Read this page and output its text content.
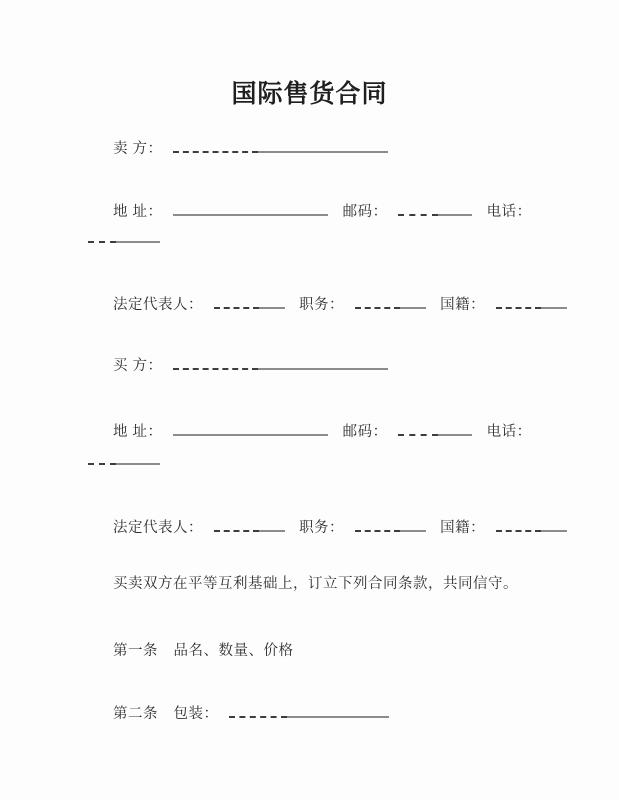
国际售货合同
卖 方：
地 址：	邮码：	电话：
法定代表人：	职务：	国籍：
买 方：
地 址：	邮码：	电话：
法定代表人：	职务：	国籍：
买卖双方在平等互利基础上，订立下列合同条款，共同信守。
第一条 品名、数量、价格
第二条 包装：
